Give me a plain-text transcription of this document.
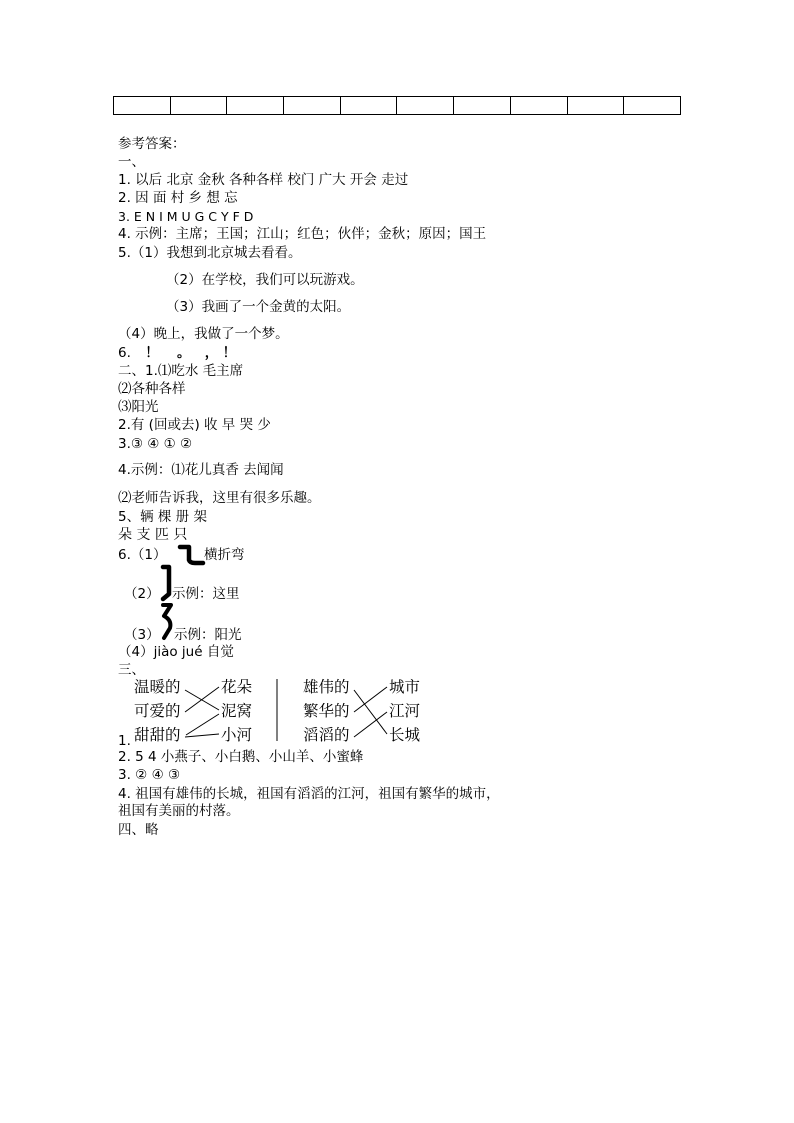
参考答案：
一、
1. 以后 北京 金秋 各种各样 校门 广大 开会 走过
2. 因 面 村 乡 想 忘
3. E N I M U G C Y F D
4. 示例：主席；王国；江山；红色；伙伴；金秋；原因；国王
5.（1）我想到北京城去看看。
（2）在学校，我们可以玩游戏。
（3）我画了一个金黄的太阳。
（4）晚上，我做了一个梦。
6. ！ 。 ， ！
二、1.⑴吃水 毛主席
⑵各种各样
⑶阳光
2.有 (回或去) 收 早 哭 少
3.③ ④ ① ②
4.示例：⑴花儿真香 去闻闻
⑵老师告诉我，这里有很多乐趣。
5、辆 棵 册 架
朵 支 匹 只
6.（1）	横折弯
（2） 示例：这里
（3） 示例：阳光
（4）jiào jué 自觉
三、
温暖的
可爱的
甜甜的
花朵
泥窝
小河
雄伟的
繁华的
滔滔的
城市
江河
长城
1.
2. 5 4 小燕子、小白鹅、小山羊、小蜜蜂
3. ② ④ ③
4. 祖国有雄伟的长城，祖国有滔滔的江河，祖国有繁华的城市，
祖国有美丽的村落。
四、略
